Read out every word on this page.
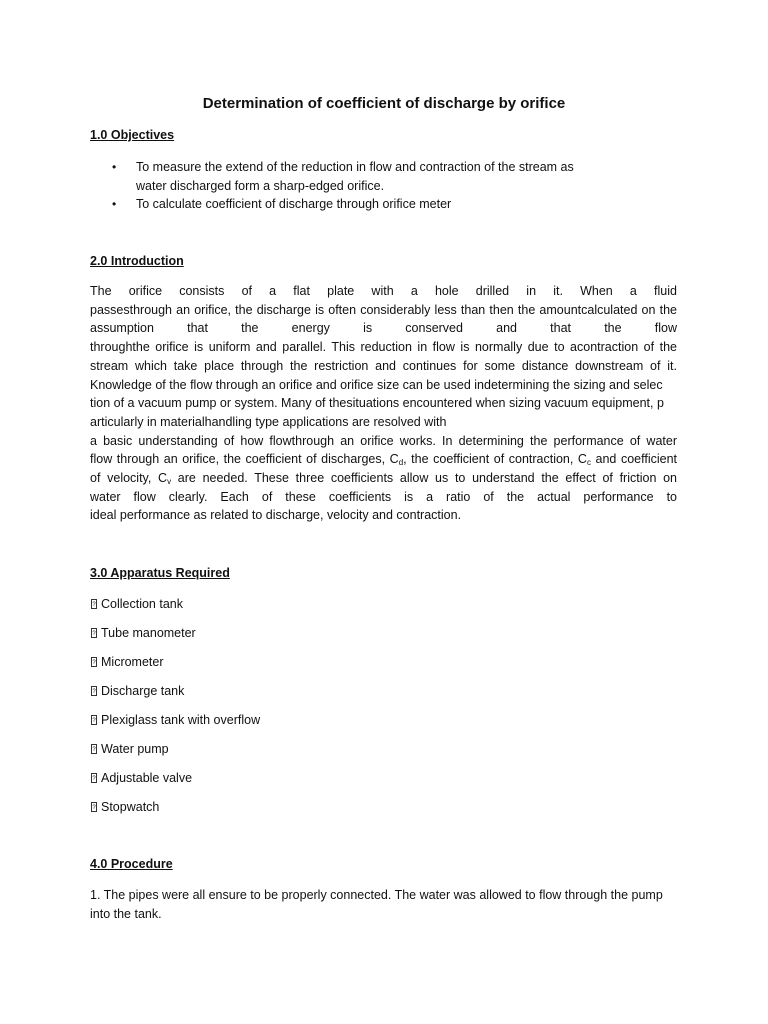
Determination of coefficient of discharge by orifice
1.0 Objectives
• To measure the extend of the reduction in flow and contraction of the stream as
water discharged form a sharp-edged orifice.
• To calculate coefficient of discharge through orifice meter
2.0 Introduction

The orifice consists of a flat plate with a hole drilled in it. When a fluid

passesthrough an orifice, the discharge is often considerably less than then the amountcalculated on the

assumption that the energy is conserved and that the flow

throughthe orifice is uniform and parallel. This reduction in flow is normally due to acontraction of the

stream which take place through the restriction and continues for some distance downstream of it.

Knowledge of the flow through an orifice and orifice size can be used indetermining the sizing and selec

tion of a vacuum pump or system. Many of thesituations encountered when sizing vacuum equipment, p

articularly in materialhandling type applications are resolved with

a basic understanding of how flowthrough an orifice works. In determining the performance of water

flow through an orifice, the coefficient of discharges, $C_d$, the coefficient of contraction, $C_c$ and coefficient

of velocity, $C_v$ are needed. These three coefficients allow us to understand the effect of friction on

water flow clearly. Each of these coefficients is a ratio of the actual performance to

ideal performance as related to discharge, velocity and contraction.

3.0 Apparatus Required
? Collection tank
? Tube manometer
? Micrometer
? Discharge tank
? Plexiglass tank with overflow
? Water pump
? Adjustable valve
? Stopwatch
4.0 Procedure

1. The pipes were all ensure to be properly connected. The water was allowed to flow through the pump

into the tank.
